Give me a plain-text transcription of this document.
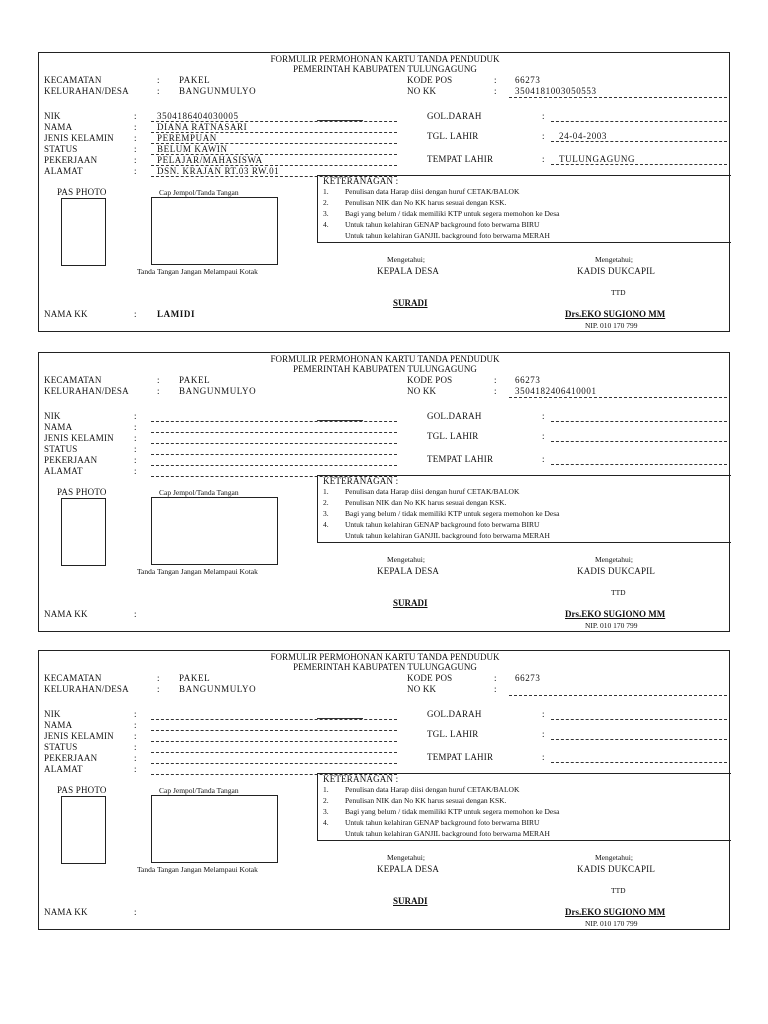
FORMULIR PERMOHONAN KARTU TANDA PENDUDUK
PEMERINTAH KABUPATEN TULUNGAGUNG
KECAMATAN	: PAKEL
KELURAHAN/DESA	: BANGUNMULYO
KODE POS	: 66273
NO KK	: 3504181003050553
NIK	: 3504186404030005
NAMA	: DIANA RATNASARI
JENIS KELAMIN : PEREMPUAN
STATUS	: BELUM KAWIN
PEKERJAAN	: PELAJAR/MAHASISWA
ALAMAT	: DSN. KRAJAN RT.03 RW.01
GOL.DARAH	:
TGL. LAHIR	: 24-04-2003
TEMPAT LAHIR	: TULUNGAGUNG
PAS PHOTO	Cap Jempol/Tanda Tangan
Tanda Tangan Jangan Melampaui Kotak
KETERANAGAN :
1. Penulisan data Harap diisi dengan huruf CETAK/BALOK
2. Penulisan NIK dan No KK harus sesuai dengan KSK.
3. Bagi yang belum / tidak memiliki KTP untuk segera memohon ke Desa
4. Untuk tahun kelahiran GENAP background foto berwarna BIRU
Untuk tahun kelahiran GANJIL background foto berwarna MERAH
Mengetahui;
KEPALA DESA
Mengetahui;
KADIS DUKCAPIL
TTD
SURADI
Drs.EKO SUGIONO MM
NIP. 010 170 799
NAMA KK	: LAMIDI
FORMULIR PERMOHONAN KARTU TANDA PENDUDUK
PEMERINTAH KABUPATEN TULUNGAGUNG
KECAMATAN	: PAKEL
KELURAHAN/DESA	: BANGUNMULYO
KODE POS	: 66273
NO KK	: 3504182406410001
NIK	:
NAMA	:
JENIS KELAMIN :
STATUS	:
PEKERJAAN	:
ALAMAT	:
GOL.DARAH	:
TGL. LAHIR	:
TEMPAT LAHIR	:
PAS PHOTO	Cap Jempol/Tanda Tangan
Tanda Tangan Jangan Melampaui Kotak
KETERANAGAN :
1. Penulisan data Harap diisi dengan huruf CETAK/BALOK
2. Penulisan NIK dan No KK harus sesuai dengan KSK.
3. Bagi yang belum / tidak memiliki KTP untuk segera memohon ke Desa
4. Untuk tahun kelahiran GENAP background foto berwarna BIRU
Untuk tahun kelahiran GANJIL background foto berwarna MERAH
Mengetahui;
KEPALA DESA
Mengetahui;
KADIS DUKCAPIL
TTD
SURADI
Drs.EKO SUGIONO MM
NIP. 010 170 799
NAMA KK	:
FORMULIR PERMOHONAN KARTU TANDA PENDUDUK
PEMERINTAH KABUPATEN TULUNGAGUNG
KECAMATAN	: PAKEL
KELURAHAN/DESA	: BANGUNMULYO
KODE POS	: 66273
NO KK	:
NIK	:
NAMA	:
JENIS KELAMIN :
STATUS	:
PEKERJAAN	:
ALAMAT	:
GOL.DARAH	:
TGL. LAHIR	:
TEMPAT LAHIR	:
PAS PHOTO	Cap Jempol/Tanda Tangan
Tanda Tangan Jangan Melampaui Kotak
KETERANAGAN :
1. Penulisan data Harap diisi dengan huruf CETAK/BALOK
2. Penulisan NIK dan No KK harus sesuai dengan KSK.
3. Bagi yang belum / tidak memiliki KTP untuk segera memohon ke Desa
4. Untuk tahun kelahiran GENAP background foto berwarna BIRU
Untuk tahun kelahiran GANJIL background foto berwarna MERAH
Mengetahui;
KEPALA DESA
Mengetahui;
KADIS DUKCAPIL
TTD
SURADI
Drs.EKO SUGIONO MM
NIP. 010 170 799
NAMA KK	:
